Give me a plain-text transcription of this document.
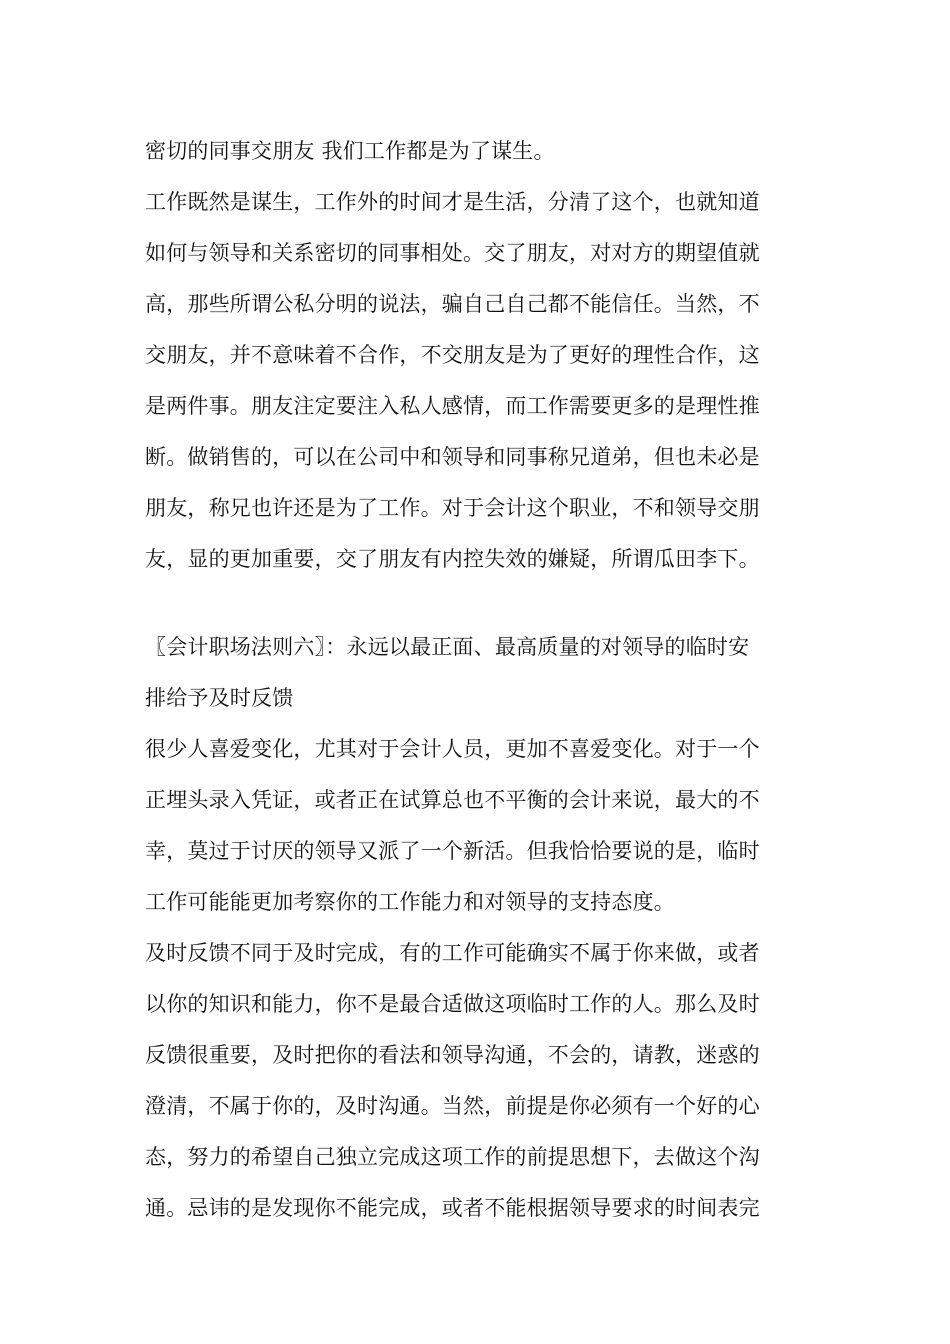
密切的同事交朋友 我们工作都是为了谋生。
工作既然是谋生，工作外的时间才是生活，分清了这个，也就知道
如何与领导和关系密切的同事相处。交了朋友，对对方的期望值就
高，那些所谓公私分明的说法，骗自己自己都不能信任。当然，不
交朋友，并不意味着不合作，不交朋友是为了更好的理性合作，这
是两件事。朋友注定要注入私人感情，而工作需要更多的是理性推
断。做销售的，可以在公司中和领导和同事称兄道弟，但也未必是
朋友，称兄也许还是为了工作。对于会计这个职业，不和领导交朋
友，显的更加重要，交了朋友有内控失效的嫌疑，所谓瓜田李下。
〖会计职场法则六〗：永远以最正面、最高质量的对领导的临时安
排给予及时反馈
很少人喜爱变化，尤其对于会计人员，更加不喜爱变化。对于一个
正埋头录入凭证，或者正在试算总也不平衡的会计来说，最大的不
幸，莫过于讨厌的领导又派了一个新活。但我恰恰要说的是，临时
工作可能能更加考察你的工作能力和对领导的支持态度。
及时反馈不同于及时完成，有的工作可能确实不属于你来做，或者
以你的知识和能力，你不是最合适做这项临时工作的人。那么及时
反馈很重要，及时把你的看法和领导沟通，不会的，请教，迷惑的
澄清，不属于你的，及时沟通。当然，前提是你必须有一个好的心
态，努力的希望自己独立完成这项工作的前提思想下，去做这个沟
通。忌讳的是发现你不能完成，或者不能根据领导要求的时间表完
